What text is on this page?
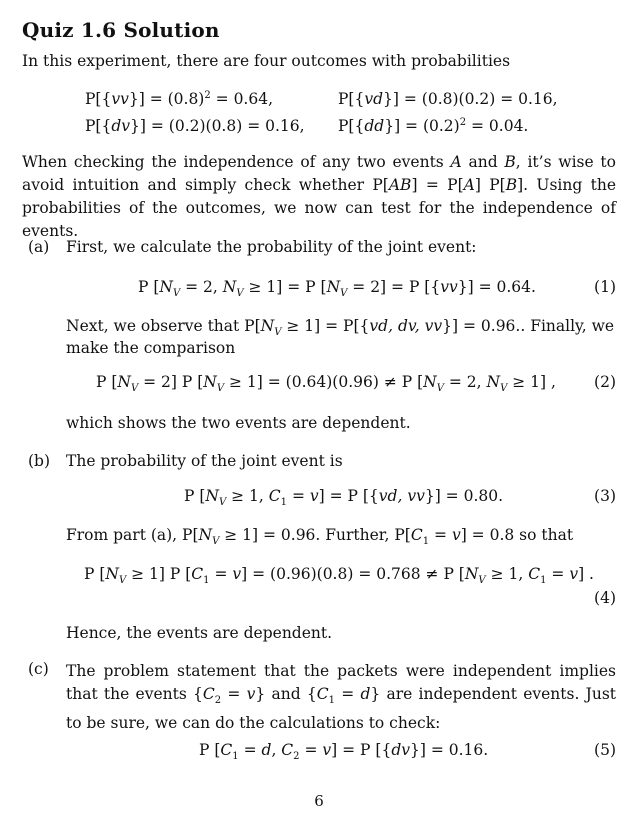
Quiz 1.6 Solution
In this experiment, there are four outcomes with probabilities
$P[\{vv\}] = (0.8)^2 = 0.64$,	P[{vd}] = (0.8)(0.2) = 0.16,
P[{dv}] = (0.2)(0.8) = 0.16, $P[\{dd\}] = (0.2)^2 = 0.04$.
When checking the independence of any two events A and B, it’s wise to avoid intuition and simply check whether P[AB] = P[A] P[B]. Using the probabilities of the outcomes, we now can test for the independence of events.
(a) First, we calculate the probability of the joint event:
P [$N_V = 2$, $N_V \ge 1] = P$ $[N_V = 2] = P$ [{vv}] = 0.64.	(1)
Next, we observe that $P[N_V \ge 1] = P[\{vd$, dv, vv}] = 0.96.. Finally, we
make the comparison
P $[N_V = 2]$ P $[N_V \ge 1] = (0.64)(0.96) \ne P$ [$N_V = 2$, $N_V \ge 1$] , (2)
which shows the two events are dependent.
(b) The probability of the joint event is
P [$N_V \ge 1$, $C_1 = v] = P$ [{vd, vv}] = 0.80.	(3)
From part (a), $P[N_V \ge 1] = 0.96$. Further, $P[C_1 = v] = 0.8$ so that
P $[N_V \ge 1]$ P $[C_1 = v] = (0.96)(0.8) = 0.768 \ne P$ [$N_V \ge 1$, $C_1 = v$] .
(4)
Hence, the events are dependent.
(c) The problem statement that the packets were independent implies that the events $\{C_2 = v\}$ and $\{C_1 = d\}$ are independent events. Just to be sure, we can do the calculations to check:
P [$C_1 = d$, $C_2 = v] = P$ [{dv}] = 0.16.	(5)
6
